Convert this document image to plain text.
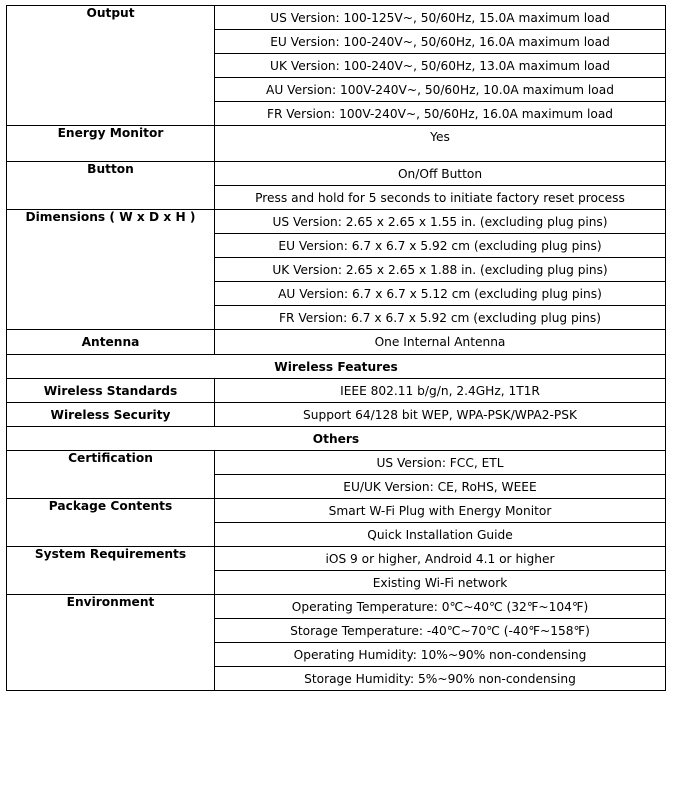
Output	US Version: 100-125V~, 50/60Hz, 15.0A maximum load
	EU Version: 100-240V~, 50/60Hz, 16.0A maximum load
	UK Version: 100-240V~, 50/60Hz, 13.0A maximum load
	AU Version: 100V-240V~, 50/60Hz, 10.0A maximum load
	FR Version: 100V-240V~, 50/60Hz, 16.0A maximum load
Energy Monitor	Yes
Button	On/Off Button
	Press and hold for 5 seconds to initiate factory reset process
Dimensions ( W x D x H )	US Version: 2.65 x 2.65 x 1.55 in. (excluding plug pins)
	EU Version: 6.7 x 6.7 x 5.92 cm (excluding plug pins)
	UK Version: 2.65 x 2.65 x 1.88 in. (excluding plug pins)
	AU Version: 6.7 x 6.7 x 5.12 cm (excluding plug pins)
	FR Version: 6.7 x 6.7 x 5.92 cm (excluding plug pins)
Antenna	One Internal Antenna
Wireless Features	
Wireless Standards	IEEE 802.11 b/g/n, 2.4GHz, 1T1R
Wireless Security	Support 64/128 bit WEP, WPA-PSK/WPA2-PSK
Others	
Certification	US Version: FCC, ETL
	EU/UK Version: CE, RoHS, WEEE
Package Contents	Smart W-Fi Plug with Energy Monitor
	Quick Installation Guide
System Requirements	iOS 9 or higher, Android 4.1 or higher
	Existing Wi-Fi network
Environment	Operating Temperature: 0℃~40℃ (32℉~104℉)
	Storage Temperature: -40℃~70℃ (-40℉~158℉)
	Operating Humidity: 10%~90% non-condensing
	Storage Humidity: 5%~90% non-condensing
